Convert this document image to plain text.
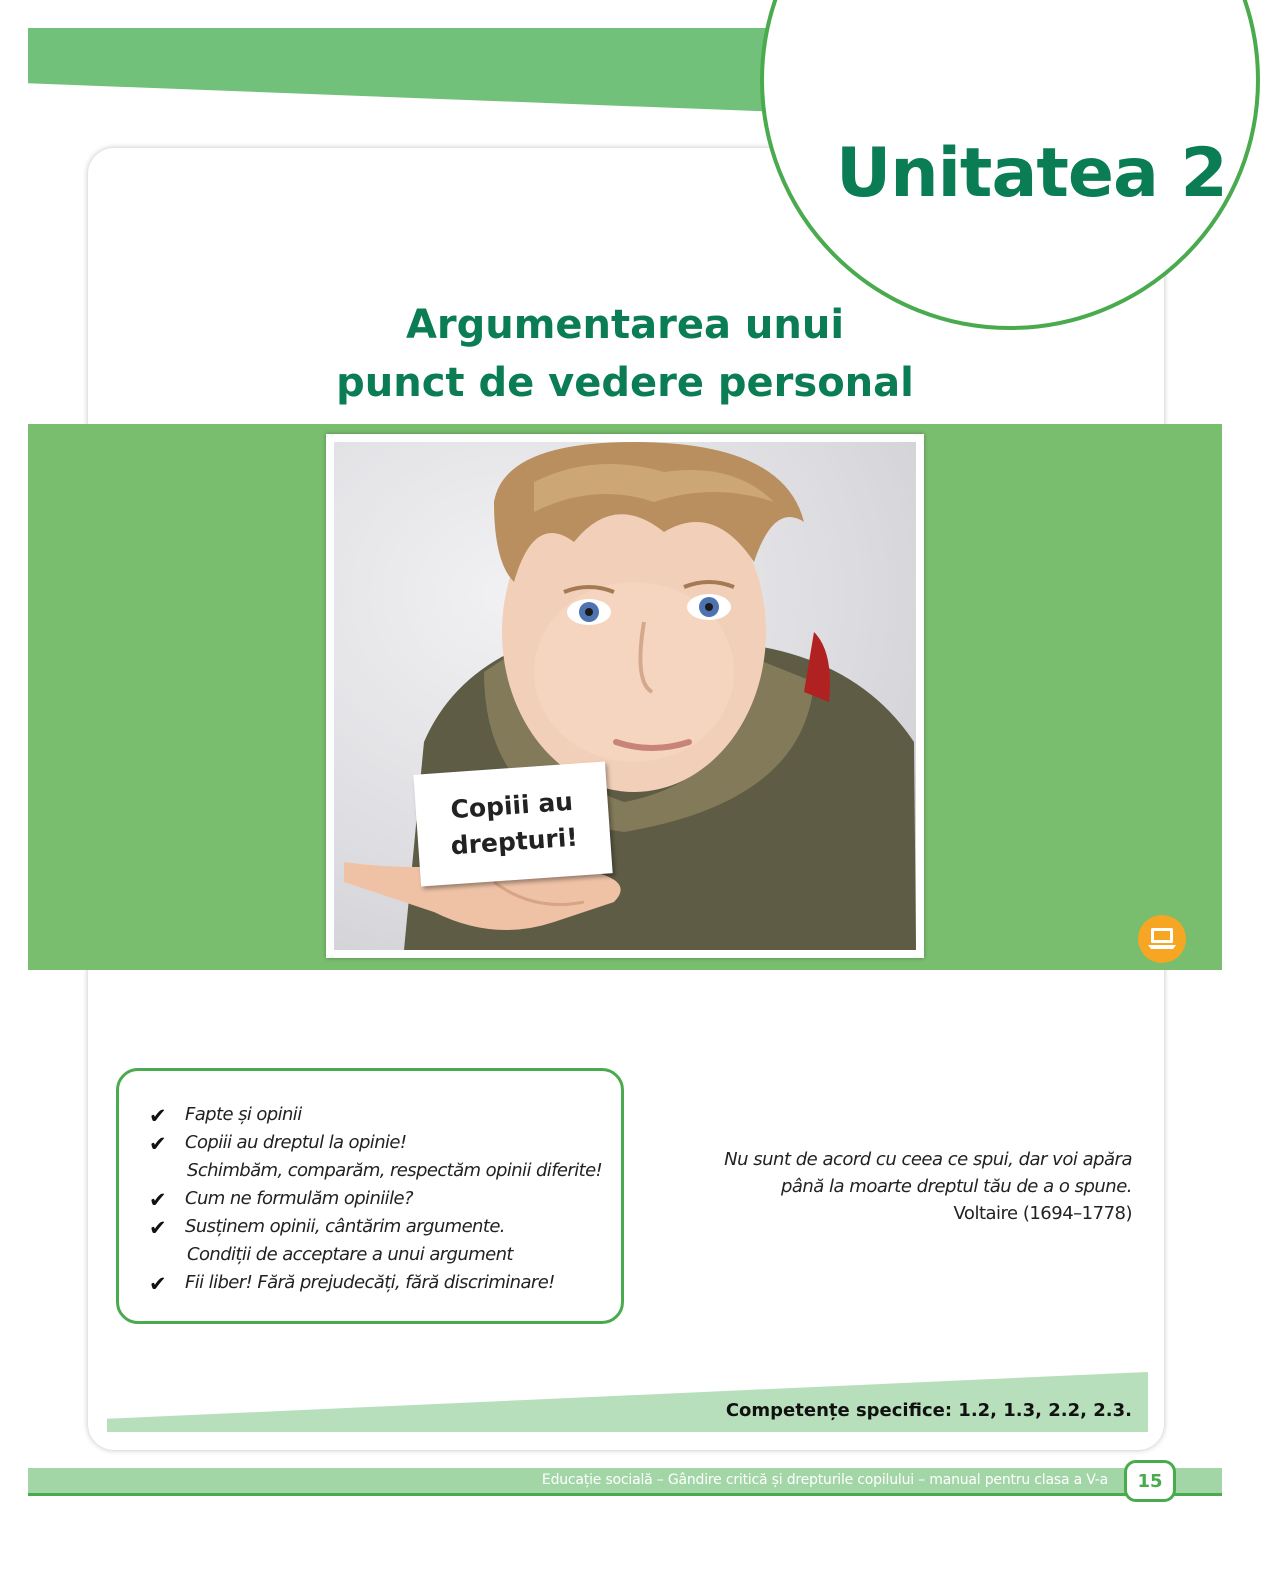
Unitatea 2
Argumentarea unui
punct de vedere personal
Copiii au
drepturi!
✔ Fapte și opinii
✔ Copiii au dreptul la opinie!
Schimbăm, comparăm, respectăm opinii diferite!
✔ Cum ne formulăm opiniile?
✔ Susținem opinii, cântărim argumente.
Condiții de acceptare a unui argument
✔ Fii liber! Fără prejudecăți, fără discriminare!
Nu sunt de acord cu ceea ce spui, dar voi apăra
până la moarte dreptul tău de a o spune.
Voltaire (1694–1778)
Competențe specifice: 1.2, 1.3, 2.2, 2.3.
Educație socială – Gândire critică și drepturile copilului – manual pentru clasa a V-a	15
